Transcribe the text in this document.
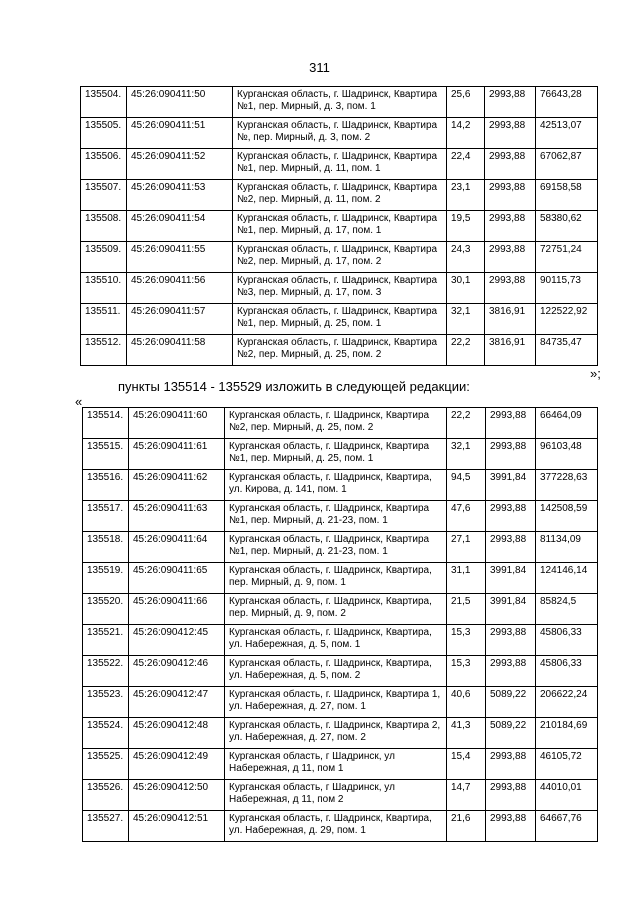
311
135504.	45:26:090411:50	Курганская область, г. Шадринск, Квартира №1, пер. Мирный, д. 3, пом. 1	25,6	2993,88	76643,28
135505.	45:26:090411:51	Курганская область, г. Шадринск, Квартира №, пер. Мирный, д. 3, пом. 2	14,2	2993,88	42513,07
135506.	45:26:090411:52	Курганская область, г. Шадринск, Квартира №1, пер. Мирный, д. 11, пом. 1	22,4	2993,88	67062,87
135507.	45:26:090411:53	Курганская область, г. Шадринск, Квартира №2, пер. Мирный, д. 11, пом. 2	23,1	2993,88	69158,58
135508.	45:26:090411:54	Курганская область, г. Шадринск, Квартира №1, пер. Мирный, д. 17, пом. 1	19,5	2993,88	58380,62
135509.	45:26:090411:55	Курганская область, г. Шадринск, Квартира №2, пер. Мирный, д. 17, пом. 2	24,3	2993,88	72751,24
135510.	45:26:090411:56	Курганская область, г. Шадринск, Квартира №3, пер. Мирный, д. 17, пом. 3	30,1	2993,88	90115,73
135511.	45:26:090411:57	Курганская область, г. Шадринск, Квартира №1, пер. Мирный, д. 25, пом. 1	32,1	3816,91	122522,92
135512.	45:26:090411:58	Курганская область, г. Шадринск, Квартира №2, пер. Мирный, д. 25, пом. 2	22,2	3816,91	84735,47
»;
пункты 135514 - 135529 изложить в следующей редакции:
«
135514.	45:26:090411:60	Курганская область, г. Шадринск, Квартира №2, пер. Мирный, д. 25, пом. 2	22,2	2993,88	66464,09
135515.	45:26:090411:61	Курганская область, г. Шадринск, Квартира №1, пер. Мирный, д. 25, пом. 1	32,1	2993,88	96103,48
135516.	45:26:090411:62	Курганская область, г. Шадринск, Квартира, ул. Кирова, д. 141, пом. 1	94,5	3991,84	377228,63
135517.	45:26:090411:63	Курганская область, г. Шадринск, Квартира №1, пер. Мирный, д. 21-23, пом. 1	47,6	2993,88	142508,59
135518.	45:26:090411:64	Курганская область, г. Шадринск, Квартира №1, пер. Мирный, д. 21-23, пом. 1	27,1	2993,88	81134,09
135519.	45:26:090411:65	Курганская область, г. Шадринск, Квартира, пер. Мирный, д. 9, пом. 1	31,1	3991,84	124146,14
135520.	45:26:090411:66	Курганская область, г. Шадринск, Квартира, пер. Мирный, д. 9, пом. 2	21,5	3991,84	85824,5
135521.	45:26:090412:45	Курганская область, г. Шадринск, Квартира, ул. Набережная, д. 5, пом. 1	15,3	2993,88	45806,33
135522.	45:26:090412:46	Курганская область, г. Шадринск, Квартира, ул. Набережная, д. 5, пом. 2	15,3	2993,88	45806,33
135523.	45:26:090412:47	Курганская область, г. Шадринск, Квартира 1, ул. Набережная, д. 27, пом. 1	40,6	5089,22	206622,24
135524.	45:26:090412:48	Курганская область, г. Шадринск, Квартира 2, ул. Набережная, д. 27, пом. 2	41,3	5089,22	210184,69
135525.	45:26:090412:49	Курганская область, г Шадринск, ул Набережная, д 11, пом 1	15,4	2993,88	46105,72
135526.	45:26:090412:50	Курганская область, г Шадринск, ул Набережная, д 11, пом 2	14,7	2993,88	44010,01
135527.	45:26:090412:51	Курганская область, г. Шадринск, Квартира, ул. Набережная, д. 29, пом. 1	21,6	2993,88	64667,76
